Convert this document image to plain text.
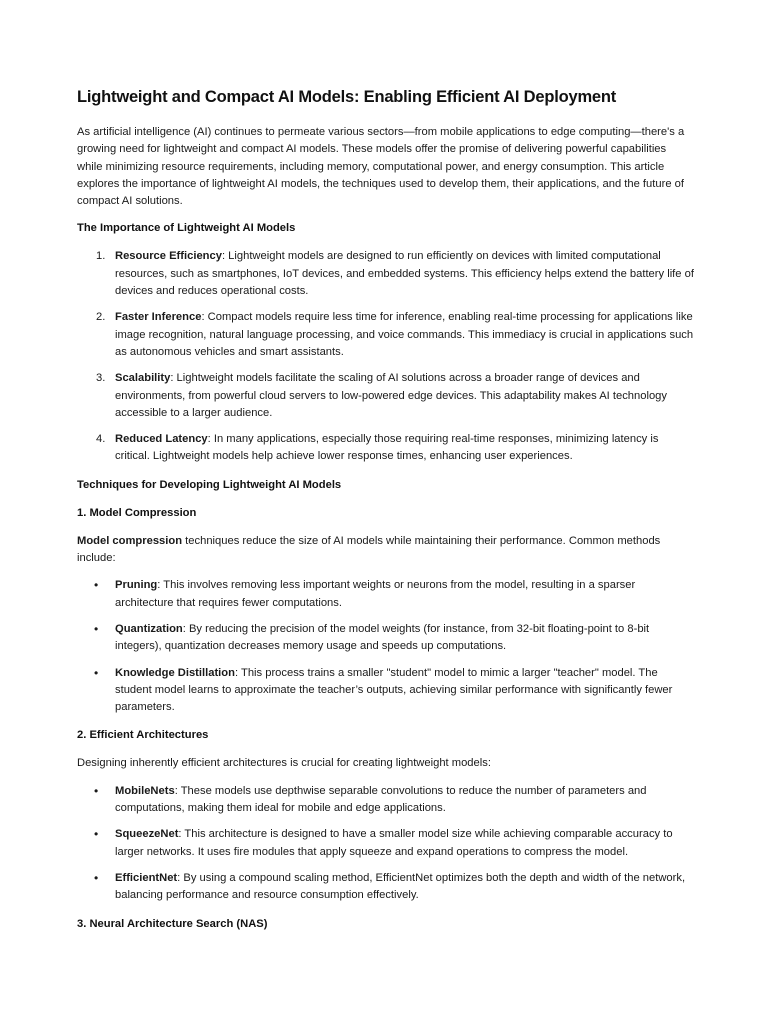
Lightweight and Compact AI Models: Enabling Efficient AI Deployment

As artificial intelligence (AI) continues to permeate various sectors—from mobile applications to edge computing—there's a growing need for lightweight and compact AI models. These models offer the promise of delivering powerful capabilities while minimizing resource requirements, including memory, computational power, and energy consumption. This article explores the importance of lightweight AI models, the techniques used to develop them, their applications, and the future of compact AI solutions.

The Importance of Lightweight AI Models
1. Resource Efficiency: Lightweight models are designed to run efficiently on devices with limited computational resources, such as smartphones, IoT devices, and embedded systems. This efficiency helps extend the battery life of devices and reduces operational costs.
2. Faster Inference: Compact models require less time for inference, enabling real-time processing for applications like image recognition, natural language processing, and voice commands. This immediacy is crucial in applications such as autonomous vehicles and smart assistants.
3. Scalability: Lightweight models facilitate the scaling of AI solutions across a broader range of devices and environments, from powerful cloud servers to low-powered edge devices. This adaptability makes AI technology accessible to a larger audience.
4. Reduced Latency: In many applications, especially those requiring real-time responses, minimizing latency is critical. Lightweight models help achieve lower response times, enhancing user experiences.
Techniques for Developing Lightweight AI Models
1. Model Compression

Model compression techniques reduce the size of AI models while maintaining their performance. Common methods include:

• Pruning: This involves removing less important weights or neurons from the model, resulting in a sparser architecture that requires fewer computations.
• Quantization: By reducing the precision of the model weights (for instance, from 32-bit floating-point to 8-bit integers), quantization decreases memory usage and speeds up computations.
• Knowledge Distillation: This process trains a smaller "student" model to mimic a larger "teacher" model. The student model learns to approximate the teacher’s outputs, achieving similar performance with significantly fewer parameters.
2. Efficient Architectures

Designing inherently efficient architectures is crucial for creating lightweight models:

• MobileNets: These models use depthwise separable convolutions to reduce the number of parameters and computations, making them ideal for mobile and edge applications.
• SqueezeNet: This architecture is designed to have a smaller model size while achieving comparable accuracy to larger networks. It uses fire modules that apply squeeze and expand operations to compress the model.
• EfficientNet: By using a compound scaling method, EfficientNet optimizes both the depth and width of the network, balancing performance and resource consumption effectively.
3. Neural Architecture Search (NAS)
